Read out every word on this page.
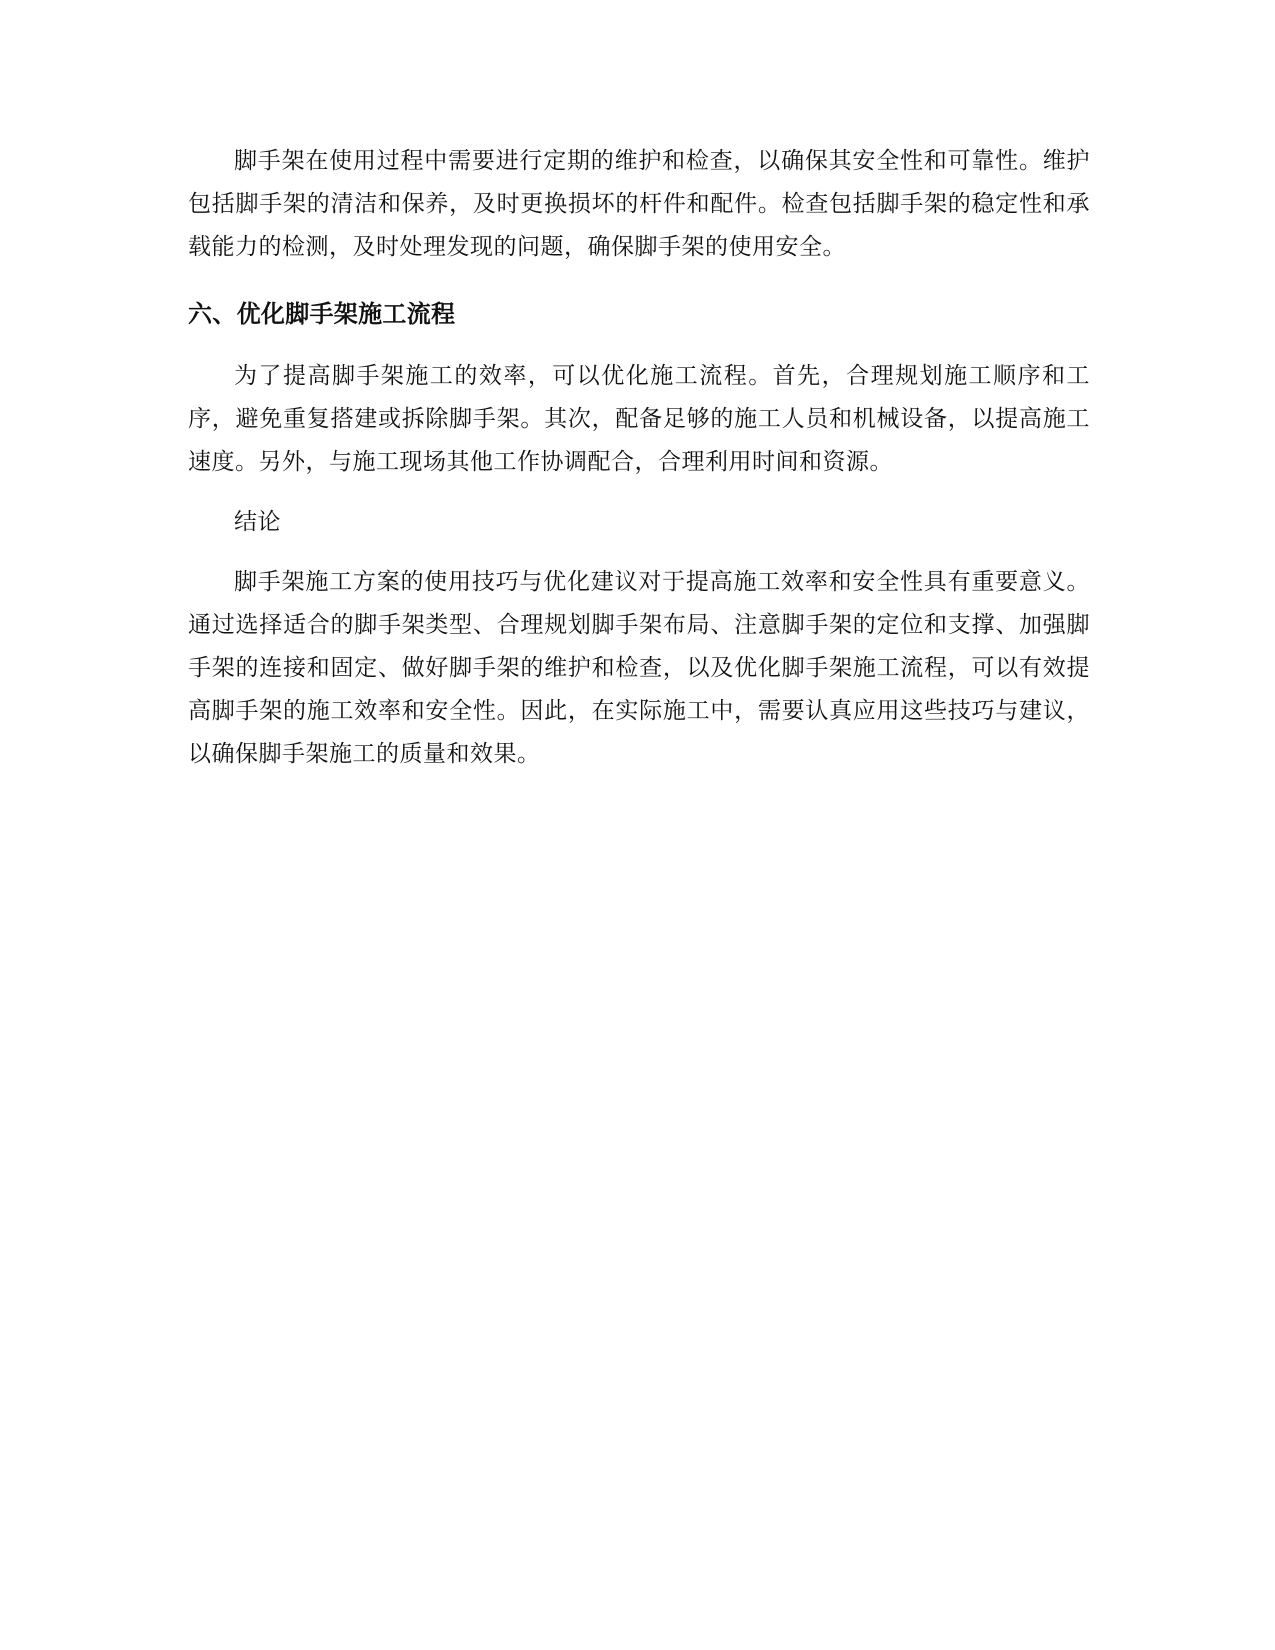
脚手架在使用过程中需要进行定期的维护和检查，以确保其安全性和可靠性。维护包括脚手架的清洁和保养，及时更换损坏的杆件和配件。检查包括脚手架的稳定性和承载能力的检测，及时处理发现的问题，确保脚手架的使用安全。

六、优化脚手架施工流程

为了提高脚手架施工的效率，可以优化施工流程。首先，合理规划施工顺序和工序，避免重复搭建或拆除脚手架。其次，配备足够的施工人员和机械设备，以提高施工速度。另外，与施工现场其他工作协调配合，合理利用时间和资源。

结论

脚手架施工方案的使用技巧与优化建议对于提高施工效率和安全性具有重要意义。通过选择适合的脚手架类型、合理规划脚手架布局、注意脚手架的定位和支撑、加强脚手架的连接和固定、做好脚手架的维护和检查，以及优化脚手架施工流程，可以有效提高脚手架的施工效率和安全性。因此，在实际施工中，需要认真应用这些技巧与建议，以确保脚手架施工的质量和效果。
